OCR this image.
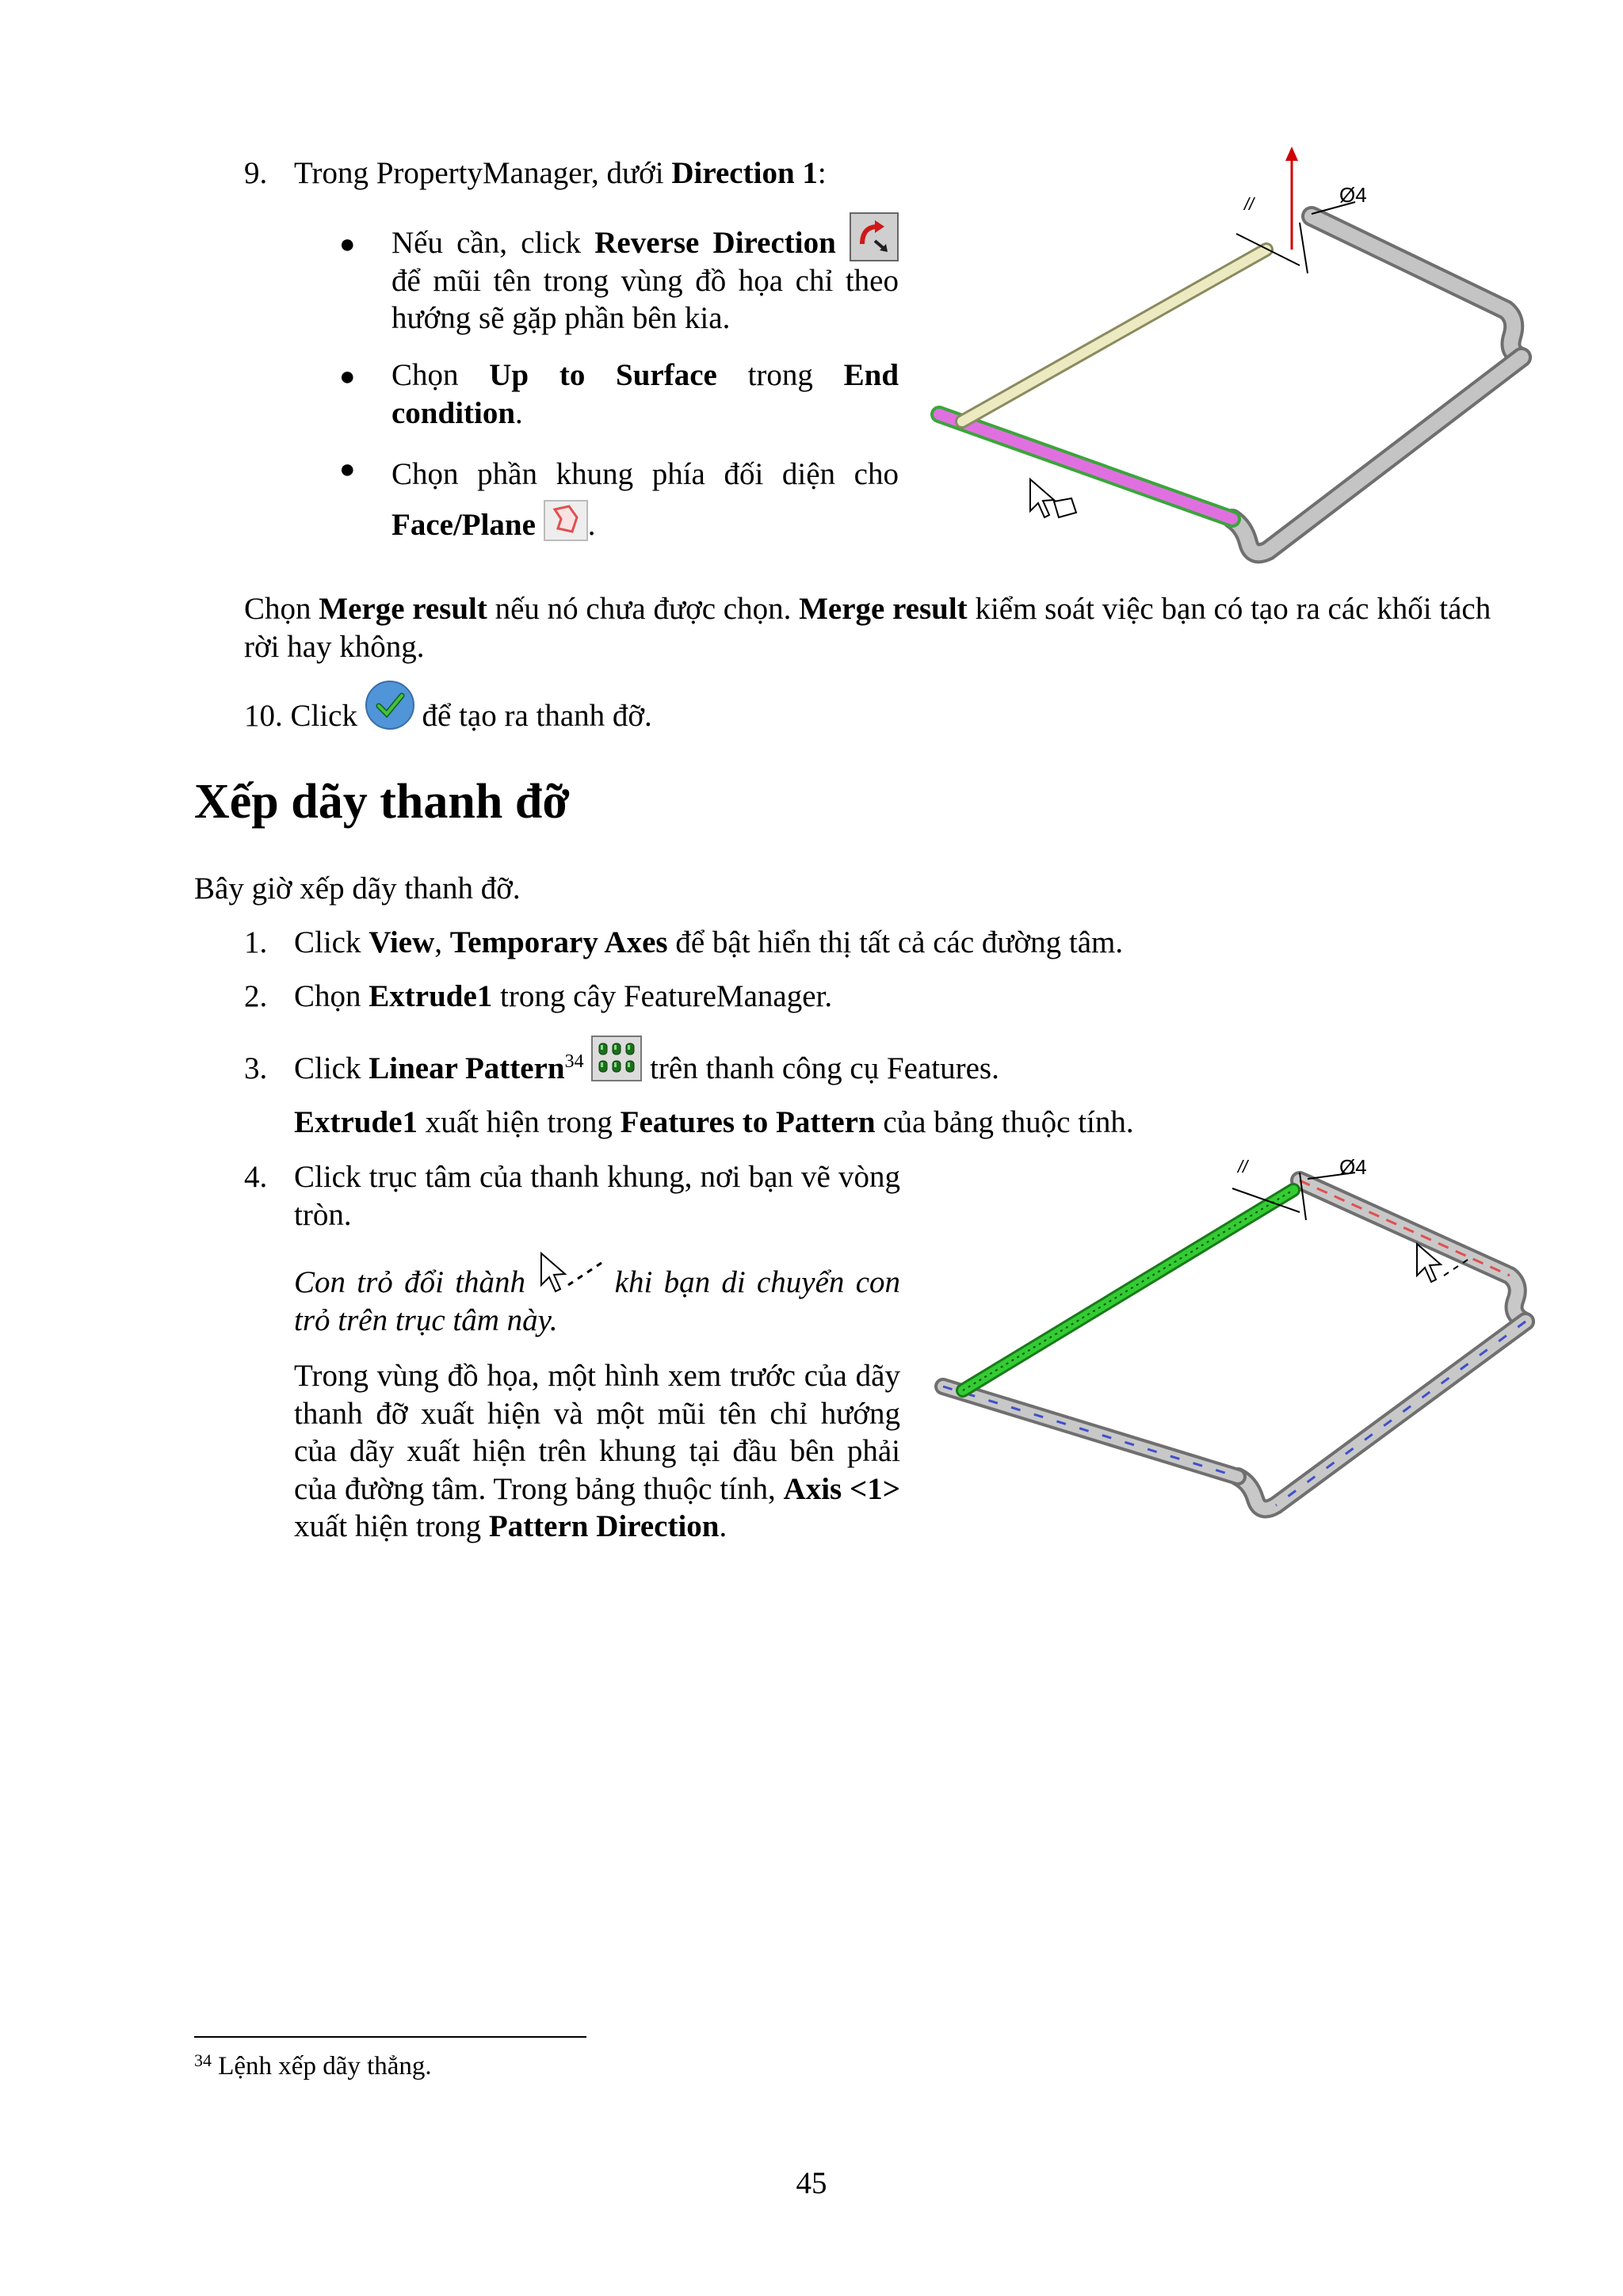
9. Trong PropertyManager, dưới Direction 1:

● Nếu cần, click Reverse Direction
để mũi tên trong vùng đồ họa chỉ theo hướng sẽ gặp phần bên kia.

● Chọn Up to Surface trong End condition.

● Chọn phần khung phía đối diện cho Face/Plane .

//	Ø4

Chọn Merge result nếu nó chưa được chọn. Merge result kiểm soát việc bạn có tạo ra các khối tách rời hay không.

10. Click để tạo ra thanh đỡ.

Xếp dãy thanh đỡ

Bây giờ xếp dãy thanh đỡ.

1. Click View, Temporary Axes để bật hiển thị tất cả các đường tâm.

2. Chọn Extrude1 trong cây FeatureManager.

3. Click Linear Pattern$^{34}$ trên thanh công cụ Features.

Extrude1 xuất hiện trong Features to Pattern của bảng thuộc tính.

4. Click trục tâm của thanh khung, nơi bạn vẽ vòng tròn.

Con trỏ đổi thành	khi bạn di chuyển con trỏ trên trục tâm này.

Trong vùng đồ họa, một hình xem trước của dãy thanh đỡ xuất hiện và một mũi tên chỉ hướng của dãy xuất hiện trên khung tại đầu bên phải của đường tâm. Trong bảng thuộc tính, Axis <1> xuất hiện trong Pattern Direction.

//	Ø4

$^{34}$ Lệnh xếp dãy thẳng.

45
